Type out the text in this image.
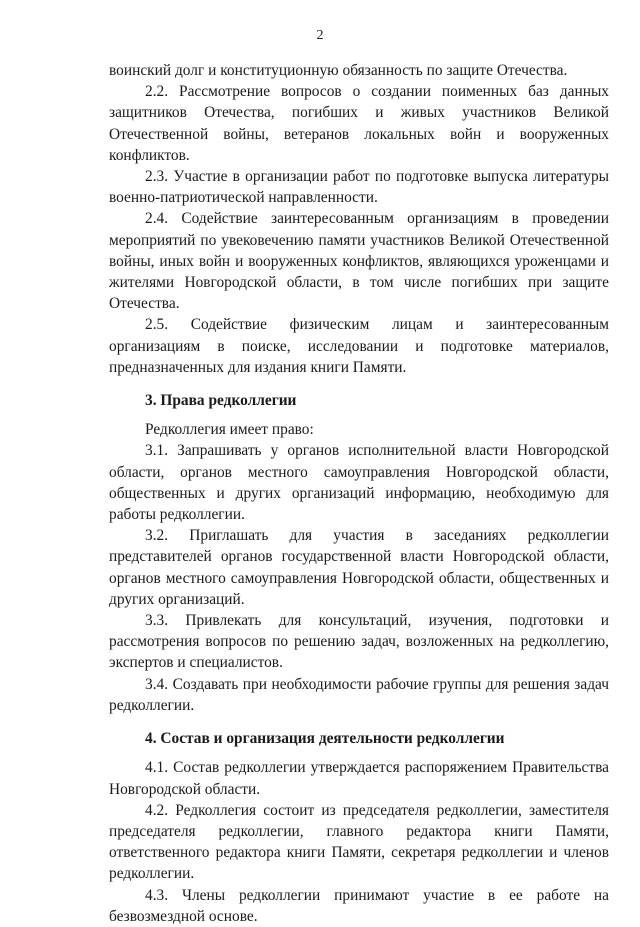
2

воинский долг и конституционную обязанность по защите Отечества.

2.2. Рассмотрение вопросов о создании поименных баз данных защитников Отечества, погибших и живых участников Великой Отечественной войны, ветеранов локальных войн и вооруженных конфликтов.

2.3. Участие в организации работ по подготовке выпуска литературы военно-патриотической направленности.

2.4. Содействие заинтересованным организациям в проведении мероприятий по увековечению памяти участников Великой Отечественной войны, иных войн и вооруженных конфликтов, являющихся уроженцами и жителями Новгородской области, в том числе погибших при защите Отечества.

2.5. Содействие физическим лицам и заинтересованным организациям в поиске, исследовании и подготовке материалов, предназначенных для издания книги Памяти.

3. Права редколлегии

Редколлегия имеет право:

3.1. Запрашивать у органов исполнительной власти Новгородской области, органов местного самоуправления Новгородской области, общественных и других организаций информацию, необходимую для работы редколлегии.

3.2. Приглашать для участия в заседаниях редколлегии представителей органов государственной власти Новгородской области, органов местного самоуправления Новгородской области, общественных и других организаций.

3.3. Привлекать для консультаций, изучения, подготовки и рассмотрения вопросов по решению задач, возложенных на редколлегию, экспертов и специалистов.

3.4. Создавать при необходимости рабочие группы для решения задач редколлегии.

4. Состав и организация деятельности редколлегии

4.1. Состав редколлегии утверждается распоряжением Правительства Новгородской области.

4.2. Редколлегия состоит из председателя редколлегии, заместителя председателя редколлегии, главного редактора книги Памяти, ответственного редактора книги Памяти, секретаря редколлегии и членов редколлегии.

4.3. Члены редколлегии принимают участие в ее работе на безвозмездной основе.
